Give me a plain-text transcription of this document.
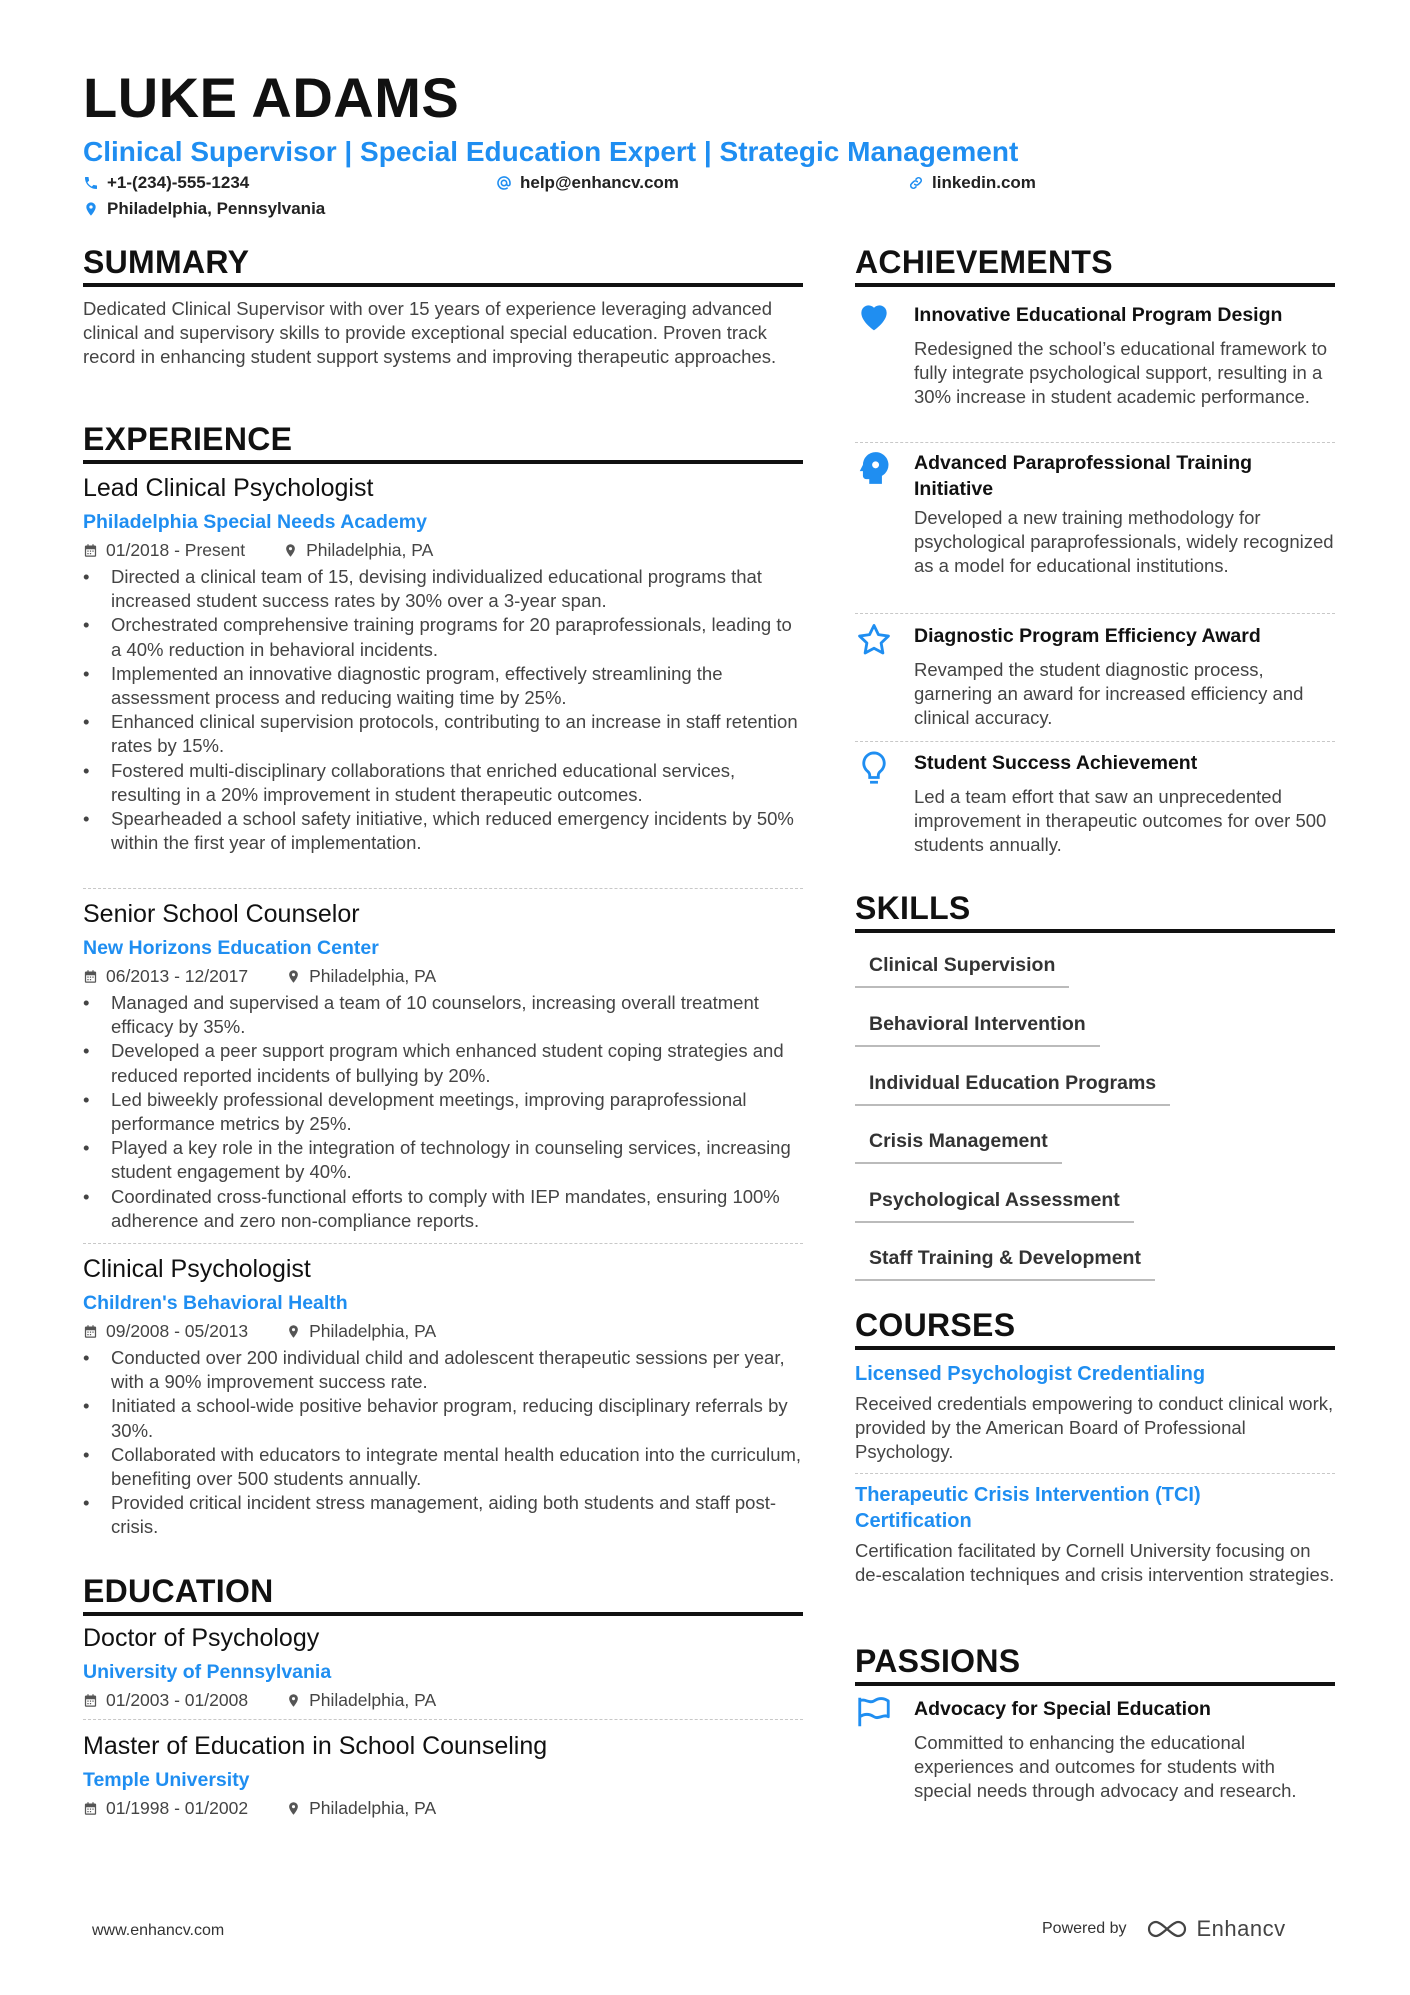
LUKE ADAMS
Clinical Supervisor | Special Education Expert | Strategic Management
+1-(234)-555-1234	help@enhancv.com	linkedin.com
Philadelphia, Pennsylvania
SUMMARY
Dedicated Clinical Supervisor with over 15 years of experience leveraging advanced clinical and supervisory skills to provide exceptional special education. Proven track record in enhancing student support systems and improving therapeutic approaches.
EXPERIENCE
Lead Clinical Psychologist
Philadelphia Special Needs Academy
01/2018 - Present	Philadelphia, PA
• Directed a clinical team of 15, devising individualized educational programs that increased student success rates by 30% over a 3-year span.
• Orchestrated comprehensive training programs for 20 paraprofessionals, leading to a 40% reduction in behavioral incidents.
• Implemented an innovative diagnostic program, effectively streamlining the assessment process and reducing waiting time by 25%.
• Enhanced clinical supervision protocols, contributing to an increase in staff retention rates by 15%.
• Fostered multi-disciplinary collaborations that enriched educational services, resulting in a 20% improvement in student therapeutic outcomes.
• Spearheaded a school safety initiative, which reduced emergency incidents by 50% within the first year of implementation.
Senior School Counselor
New Horizons Education Center
06/2013 - 12/2017	Philadelphia, PA
• Managed and supervised a team of 10 counselors, increasing overall treatment efficacy by 35%.
• Developed a peer support program which enhanced student coping strategies and reduced reported incidents of bullying by 20%.
• Led biweekly professional development meetings, improving paraprofessional performance metrics by 25%.
• Played a key role in the integration of technology in counseling services, increasing student engagement by 40%.
• Coordinated cross-functional efforts to comply with IEP mandates, ensuring 100% adherence and zero non-compliance reports.
Clinical Psychologist
Children's Behavioral Health
09/2008 - 05/2013	Philadelphia, PA
• Conducted over 200 individual child and adolescent therapeutic sessions per year, with a 90% improvement success rate.
• Initiated a school-wide positive behavior program, reducing disciplinary referrals by 30%.
• Collaborated with educators to integrate mental health education into the curriculum, benefiting over 500 students annually.
• Provided critical incident stress management, aiding both students and staff post-crisis.
EDUCATION
Doctor of Psychology
University of Pennsylvania
01/2003 - 01/2008	Philadelphia, PA
Master of Education in School Counseling
Temple University
01/1998 - 01/2002	Philadelphia, PA
ACHIEVEMENTS
Innovative Educational Program Design
Redesigned the school’s educational framework to fully integrate psychological support, resulting in a 30% increase in student academic performance.
Advanced Paraprofessional Training Initiative
Developed a new training methodology for psychological paraprofessionals, widely recognized as a model for educational institutions.
Diagnostic Program Efficiency Award
Revamped the student diagnostic process, garnering an award for increased efficiency and clinical accuracy.
Student Success Achievement
Led a team effort that saw an unprecedented improvement in therapeutic outcomes for over 500 students annually.
SKILLS
Clinical Supervision
Behavioral Intervention
Individual Education Programs
Crisis Management
Psychological Assessment
Staff Training & Development
COURSES
Licensed Psychologist Credentialing
Received credentials empowering to conduct clinical work, provided by the American Board of Professional Psychology.
Therapeutic Crisis Intervention (TCI) Certification
Certification facilitated by Cornell University focusing on de-escalation techniques and crisis intervention strategies.
PASSIONS
Advocacy for Special Education
Committed to enhancing the educational experiences and outcomes for students with special needs through advocacy and research.
www.enhancv.com	Powered by	Enhancv
